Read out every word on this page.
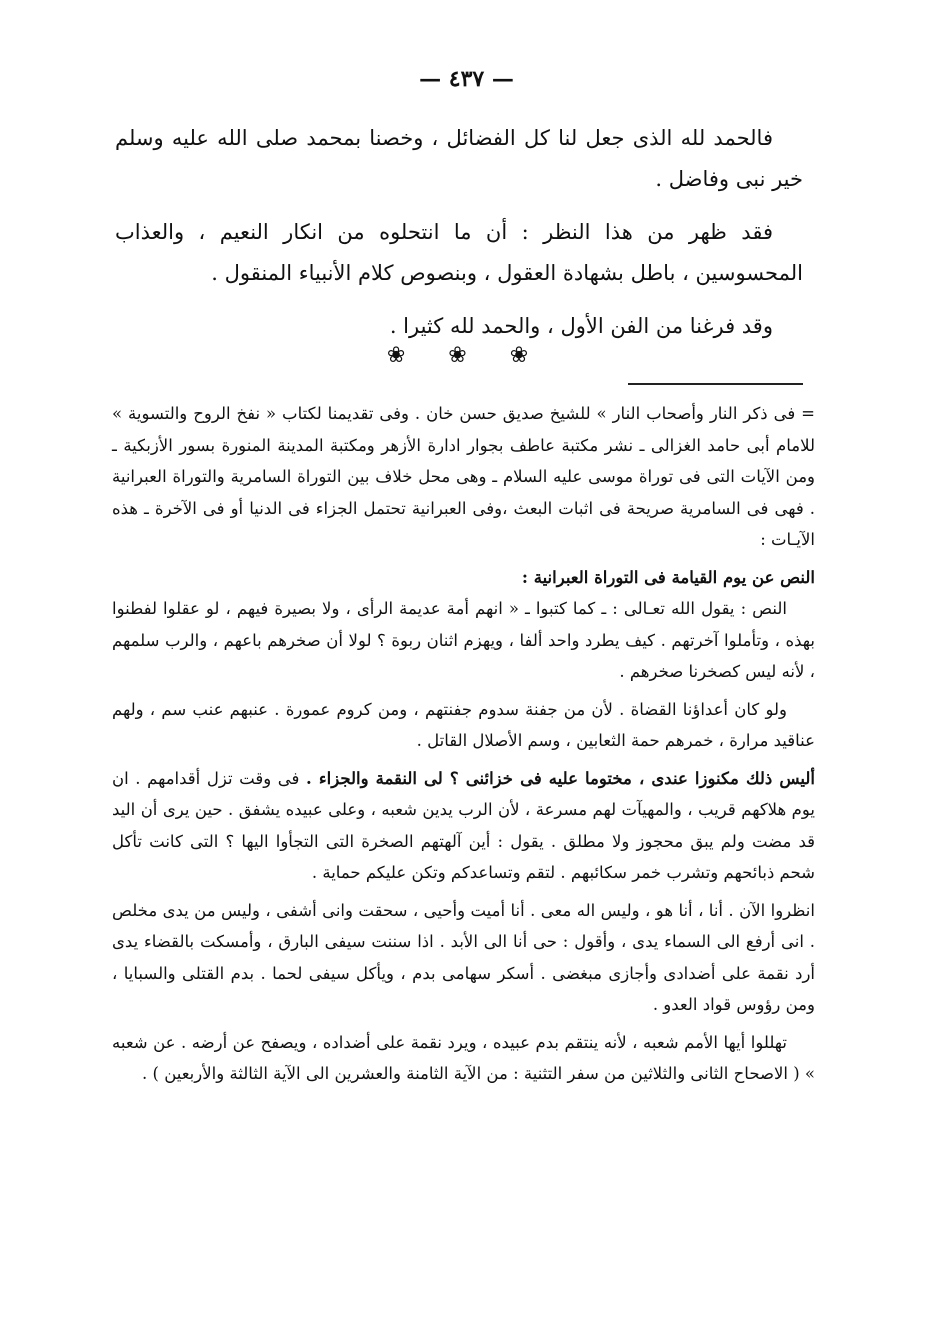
— ٤٣٧ —

فالحمد لله الذى جعل لنا كل الفضائل ، وخصنا بمحمد صلى الله عليه وسلم خير نبى وفاضل .

فقد ظهر من هذا النظر : أن ما انتحلوه من انكار النعيم ، والعذاب المحسوسين ، باطل بشهادة العقول ، وبنصوص كلام الأنبياء المنقول .

وقد فرغنا من الفن الأول ، والحمد لله كثيرا .

❀ ❀ ❀

= فى ذكر النار وأصحاب النار » للشيخ صديق حسن خان . وفى تقديمنا لكتاب « نفخ الروح والتسوية » للامام أبى حامد الغزالى ـ نشر مكتبة عاطف بجوار ادارة الأزهر ومكتبة المدينة المنورة بسور الأزبكية ـ ومن الآيات التى فى توراة موسى عليه السلام ـ وهى محل خلاف بين التوراة السامرية والتوراة العبرانية . فهى فى السامرية صريحة فى اثبات البعث ،وفى العبرانية تحتمل الجزاء فى الدنيا أو فى الآخرة ـ هذه الآيـات :

النص عن يوم القيامة فى التوراة العبرانية :

النص : يقول الله تعـالى : ـ كما كتبوا ـ « انهم أمة عديمة الرأى ، ولا بصيرة فيهم ، لو عقلوا لفطنوا بهذه ، وتأملوا آخرتهم . كيف يطرد واحد ألفا ، ويهزم اثنان ربوة ؟ لولا أن صخرهم باعهم ، والرب سلمهم ، لأنه ليس كصخرنا صخرهم .

ولو كان أعداؤنا القضاة . لأن من جفنة سدوم جفنتهم ، ومن كروم عمورة . عنبهم عنب سم ، ولهم عناقيد مرارة ، خمرهم حمة الثعابين ، وسم الأصلال القاتل .

أليس ذلك مكنوزا عندى ، مختوما عليه فى خزائنى ؟ لى النقمة والجزاء . فى وقت تزل أقدامهم . ان يوم هلاكهم قريب ، والمهيآت لهم مسرعة ، لأن الرب يدين شعبه ، وعلى عبيده يشفق . حين يرى أن اليد قد مضت ولم يبق محجوز ولا مطلق . يقول : أين آلهتهم الصخرة التى التجأوا اليها ؟ التى كانت تأكل شحم ذبائحهم وتشرب خمر سكائبهم . لتقم وتساعدكم وتكن عليكم حماية .

انظروا الآن . أنا ، أنا هو ، وليس اله معى . أنا أميت وأحيى ، سحقت وانى أشفى ، وليس من يدى مخلص . انى أرفع الى السماء يدى ، وأقول : حى أنا الى الأبد . اذا سننت سيفى البارق ، وأمسكت بالقضاء يدى أرد نقمة على أضدادى وأجازى مبغضى . أسكر سهامى بدم ، ويأكل سيفى لحما . بدم القتلى والسبايا ، ومن رؤوس قواد العدو .

تهللوا أيها الأمم شعبه ، لأنه ينتقم بدم عبيده ، ويرد نقمة على أضداده ، ويصفح عن أرضه . عن شعبه » ( الاصحاح الثانى والثلاثين من سفر التثنية : من الآية الثامنة والعشرين الى الآية الثالثة والأربعين ) .
